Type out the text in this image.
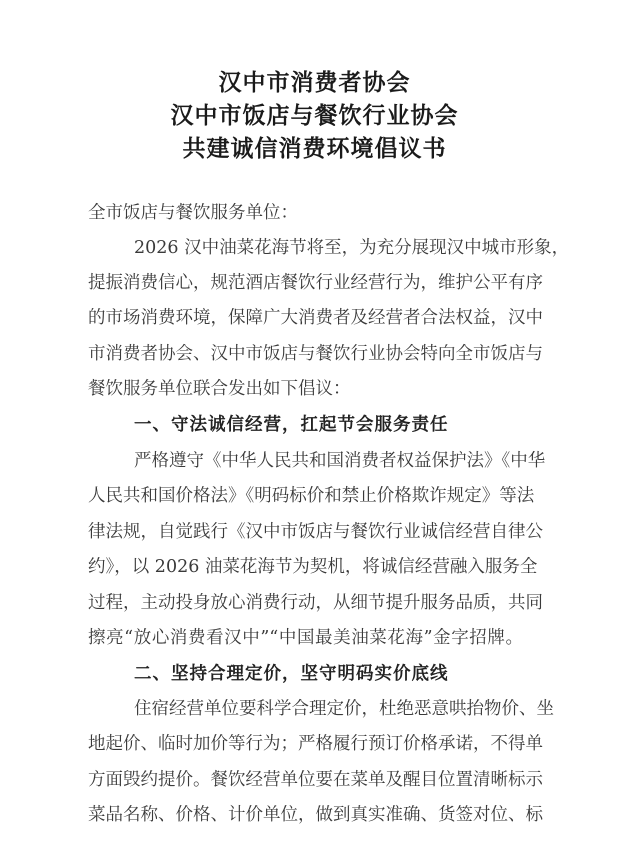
汉中市消费者协会
汉中市饭店与餐饮行业协会
共建诚信消费环境倡议书
全市饭店与餐饮服务单位：
2026 汉中油菜花海节将至，为充分展现汉中城市形象，
提振消费信心，规范酒店餐饮行业经营行为，维护公平有序
的市场消费环境，保障广大消费者及经营者合法权益，汉中
市消费者协会、汉中市饭店与餐饮行业协会特向全市饭店与
餐饮服务单位联合发出如下倡议：
一、守法诚信经营，扛起节会服务责任
严格遵守《中华人民共和国消费者权益保护法》《中华
人民共和国价格法》《明码标价和禁止价格欺诈规定》等法
律法规，自觉践行《汉中市饭店与餐饮行业诚信经营自律公
约》，以 2026 油菜花海节为契机，将诚信经营融入服务全
过程，主动投身放心消费行动，从细节提升服务品质，共同
擦亮“放心消费看汉中”“中国最美油菜花海”金字招牌。
二、坚持合理定价，坚守明码实价底线
住宿经营单位要科学合理定价，杜绝恶意哄抬物价、坐
地起价、临时加价等行为；严格履行预订价格承诺，不得单
方面毁约提价。餐饮经营单位要在菜单及醒目位置清晰标示
菜品名称、价格、计价单位，做到真实准确、货签对位、标
